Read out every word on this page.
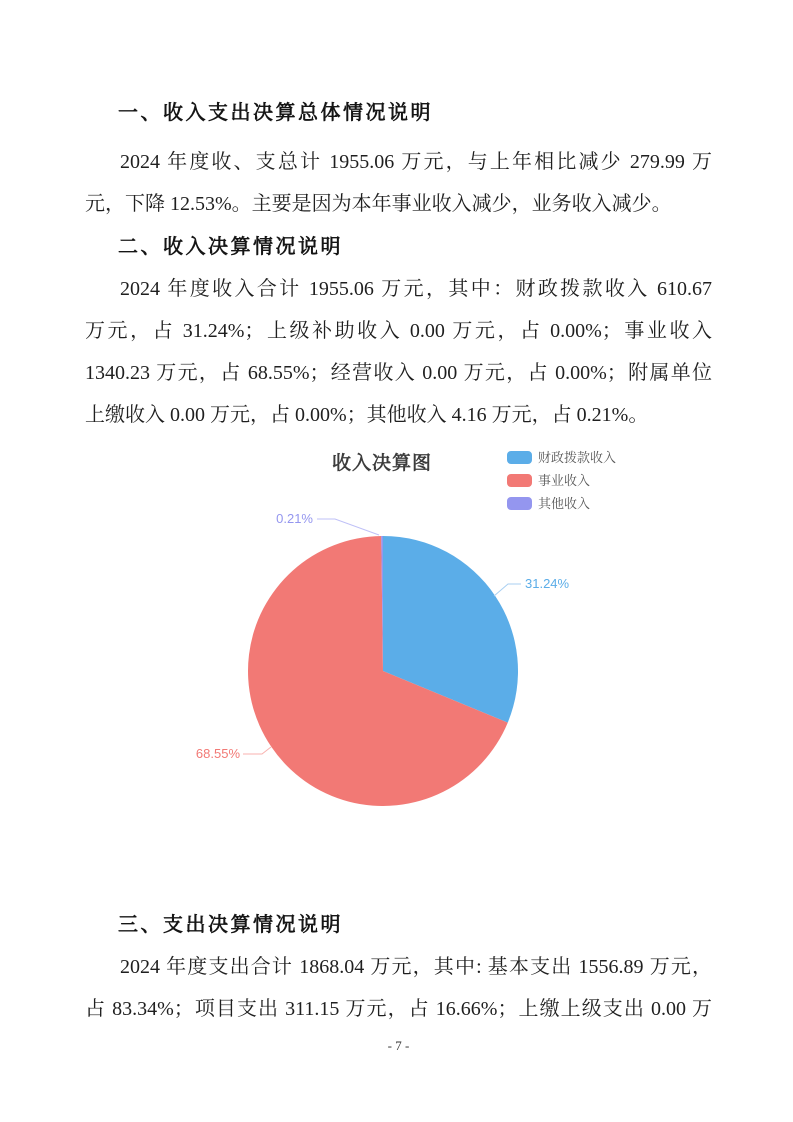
一、收入支出决算总体情况说明
2024 年度收、支总计 1955.06 万元，与上年相比减少 279.99 万
元，下降 12.53%。主要是因为本年事业收入减少，业务收入减少。
二、收入决算情况说明
2024 年度收入合计 1955.06 万元，其中：财政拨款收入 610.67
万元，占 31.24%；上级补助收入 0.00 万元，占 0.00%；事业收入
1340.23 万元，占 68.55%；经营收入 0.00 万元，占 0.00%；附属单位
上缴收入 0.00 万元，占 0.00%；其他收入 4.16 万元，占 0.21%。
收入决算图	财政拨款收入
事业收入
其他收入
31.24%
68.55%
0.21%
三、支出决算情况说明
2024 年度支出合计 1868.04 万元，其中: 基本支出 1556.89 万元，
占 83.34%；项目支出 311.15 万元，占 16.66%；上缴上级支出 0.00 万
- 7 -
